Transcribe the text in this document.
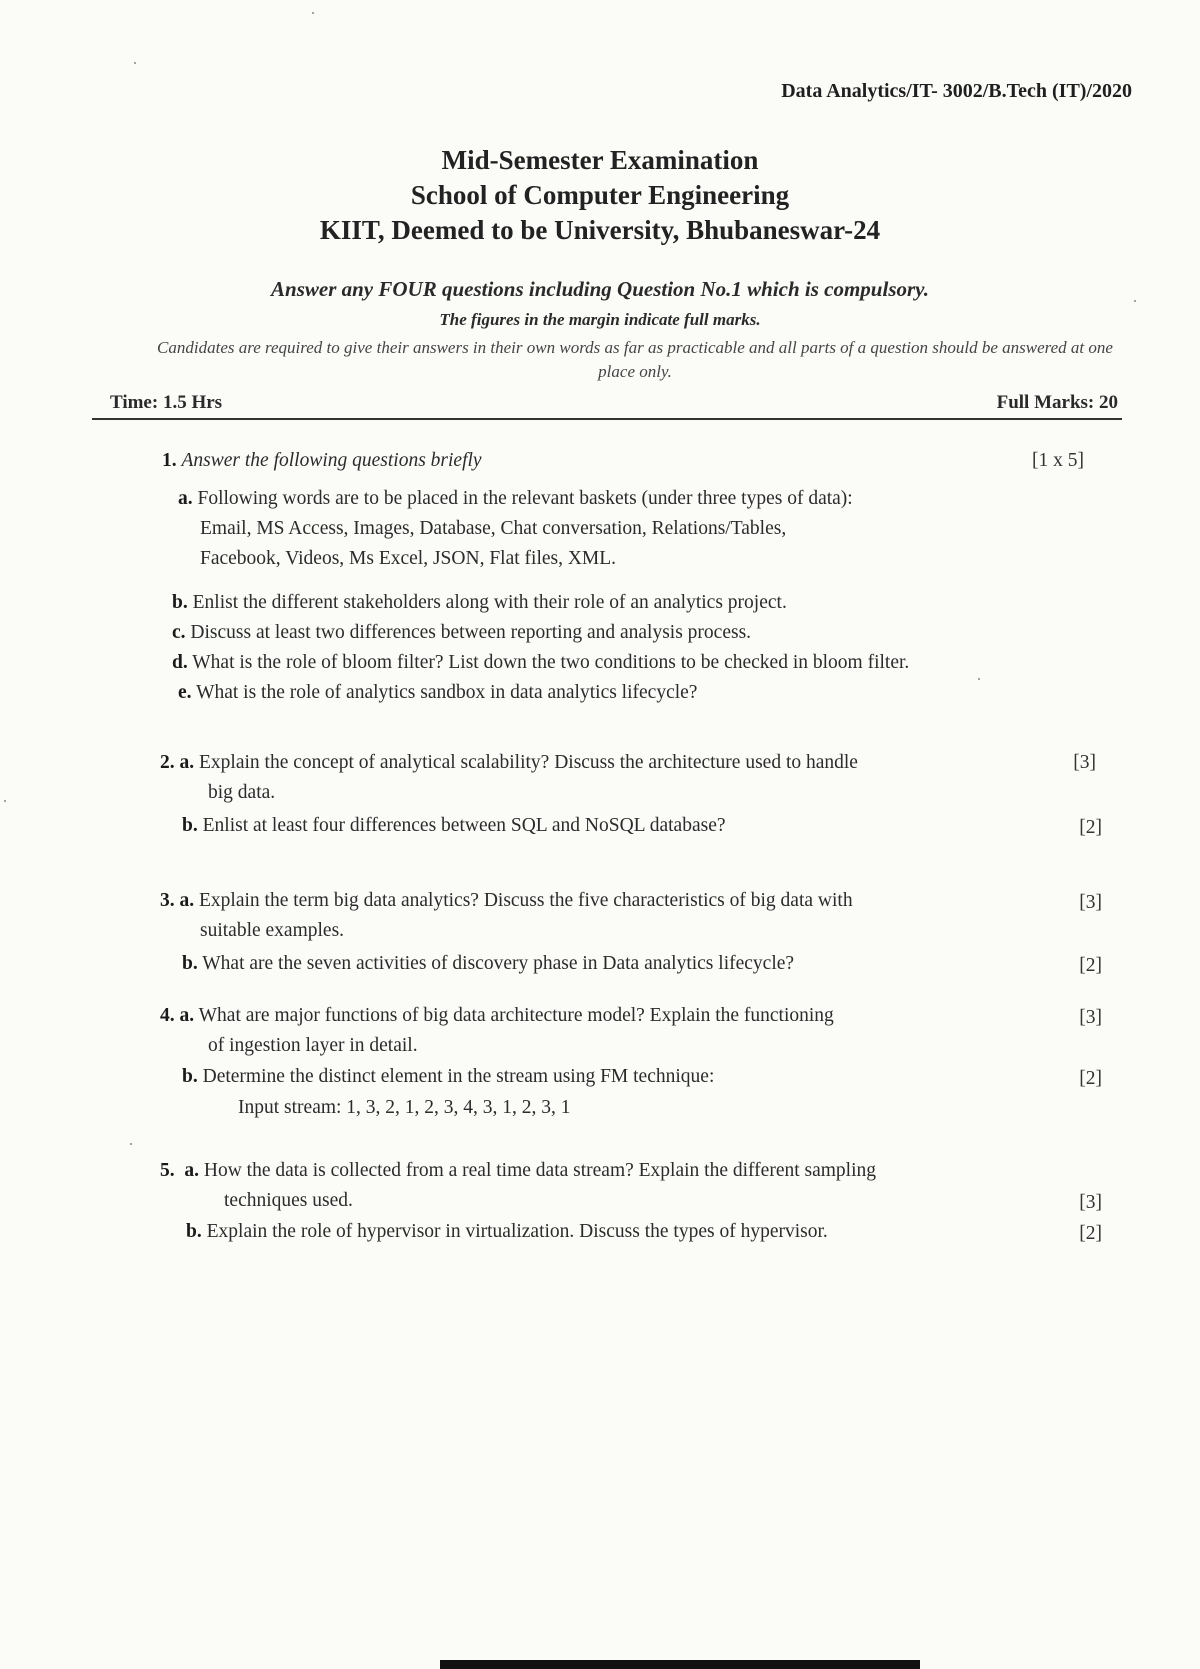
Data Analytics/IT- 3002/B.Tech (IT)/2020
Mid-Semester Examination
School of Computer Engineering
KIIT, Deemed to be University, Bhubaneswar-24
Answer any FOUR questions including Question No.1 which is compulsory.
The figures in the margin indicate full marks.
Candidates are required to give their answers in their own words as far as practicable and all parts of a question should be answered at one place only.
Time: 1.5 Hrs	Full Marks: 20
1. Answer the following questions briefly	[1 x 5]
a. Following words are to be placed in the relevant baskets (under three types of data):
Email, MS Access, Images, Database, Chat conversation, Relations/Tables,
Facebook, Videos, Ms Excel, JSON, Flat files, XML.
b. Enlist the different stakeholders along with their role of an analytics project.
c. Discuss at least two differences between reporting and analysis process.
d. What is the role of bloom filter? List down the two conditions to be checked in bloom filter.
e. What is the role of analytics sandbox in data analytics lifecycle?
2. a. Explain the concept of analytical scalability? Discuss the architecture used to handle	[3]
big data.
b. Enlist at least four differences between SQL and NoSQL database?	[2]
3. a. Explain the term big data analytics? Discuss the five characteristics of big data with	[3]
suitable examples.
b. What are the seven activities of discovery phase in Data analytics lifecycle?	[2]
4. a. What are major functions of big data architecture model? Explain the functioning	[3]
of ingestion layer in detail.
b. Determine the distinct element in the stream using FM technique:	[2]
Input stream: 1, 3, 2, 1, 2, 3, 4, 3, 1, 2, 3, 1
5. a. How the data is collected from a real time data stream? Explain the different sampling
techniques used.	[3]
b. Explain the role of hypervisor in virtualization. Discuss the types of hypervisor.	[2]
